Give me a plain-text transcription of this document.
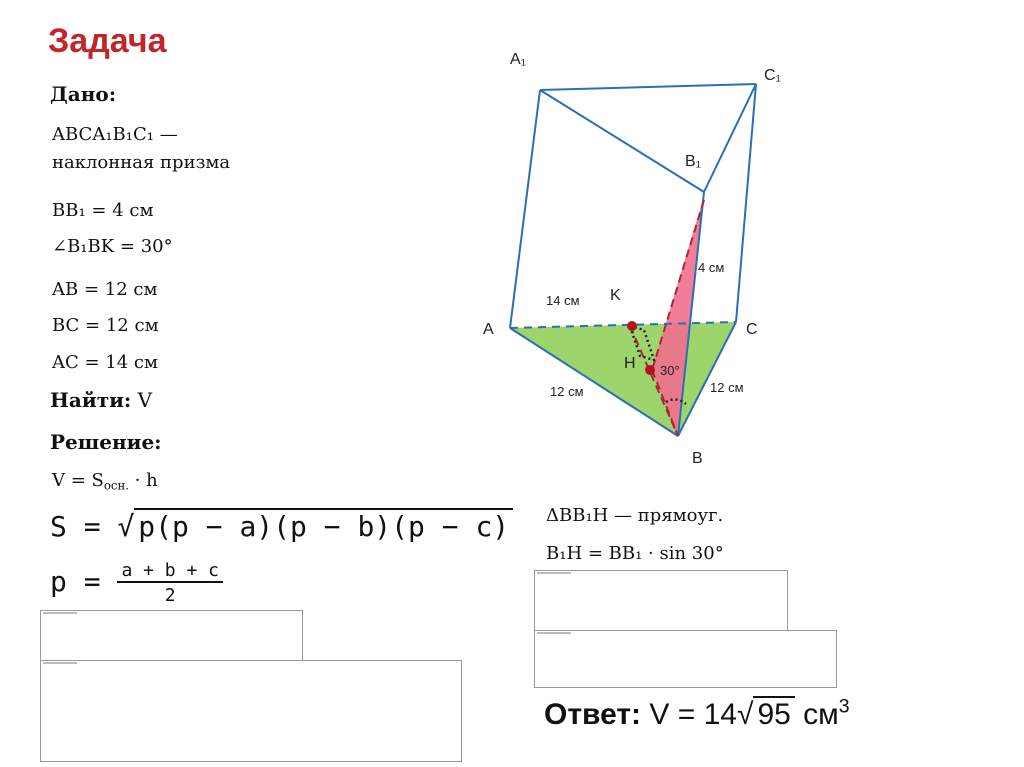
Задача
Дано:
ABCA₁B₁C₁ —
наклонная призма
BB₁ = 4 см
∠B₁BK = 30°
AB = 12 см
BC = 12 см
AC = 14 см
Найти: V
Решение:
$V = S_{осн.} \cdot h$
S = √ p(p − a)(p − b)(p − c)
$p = \frac{a + b + c}{2}$
ΔBB₁H — прямоуг.
B₁H = BB₁ · sin 30°
Ответ: V = 14√ 95 $см^3$
A₁
C₁
B₁
A	C
B
K
H
4 см
14 см
12 см	12 см
30°
